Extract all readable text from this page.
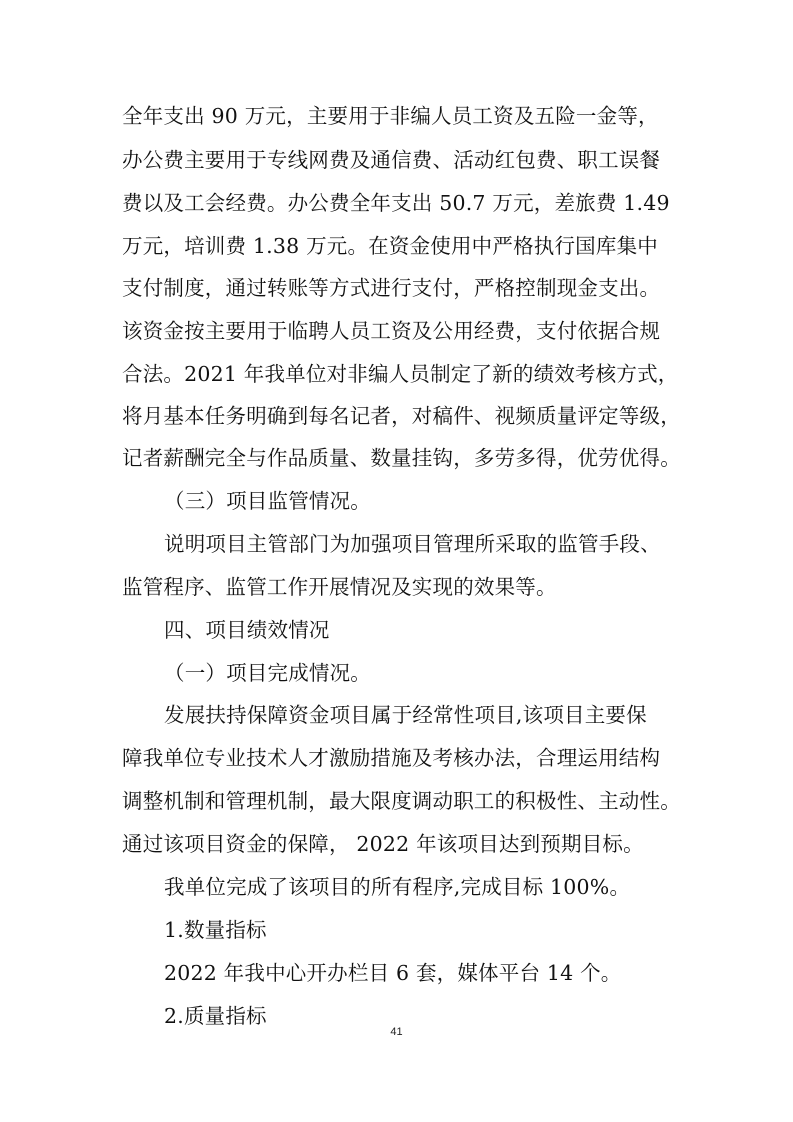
全年支出 90 万元，主要用于非编人员工资及五险一金等，
办公费主要用于专线网费及通信费、活动红包费、职工误餐
费以及工会经费。办公费全年支出 50.7 万元，差旅费 1.49
万元，培训费 1.38 万元。在资金使用中严格执行国库集中
支付制度，通过转账等方式进行支付，严格控制现金支出。
该资金按主要用于临聘人员工资及公用经费，支付依据合规
合法。2021 年我单位对非编人员制定了新的绩效考核方式，
将月基本任务明确到每名记者，对稿件、视频质量评定等级，
记者薪酬完全与作品质量、数量挂钩，多劳多得，优劳优得。
（三）项目监管情况。
说明项目主管部门为加强项目管理所采取的监管手段、
监管程序、监管工作开展情况及实现的效果等。
四、项目绩效情况
（一）项目完成情况。
发展扶持保障资金项目属于经常性项目,该项目主要保
障我单位专业技术人才激励措施及考核办法，合理运用结构
调整机制和管理机制，最大限度调动职工的积极性、主动性。
通过该项目资金的保障， 2022 年该项目达到预期目标。
我单位完成了该项目的所有程序,完成目标 100%。
1.数量指标
2022 年我中心开办栏目 6 套，媒体平台 14 个。
2.质量指标
41
